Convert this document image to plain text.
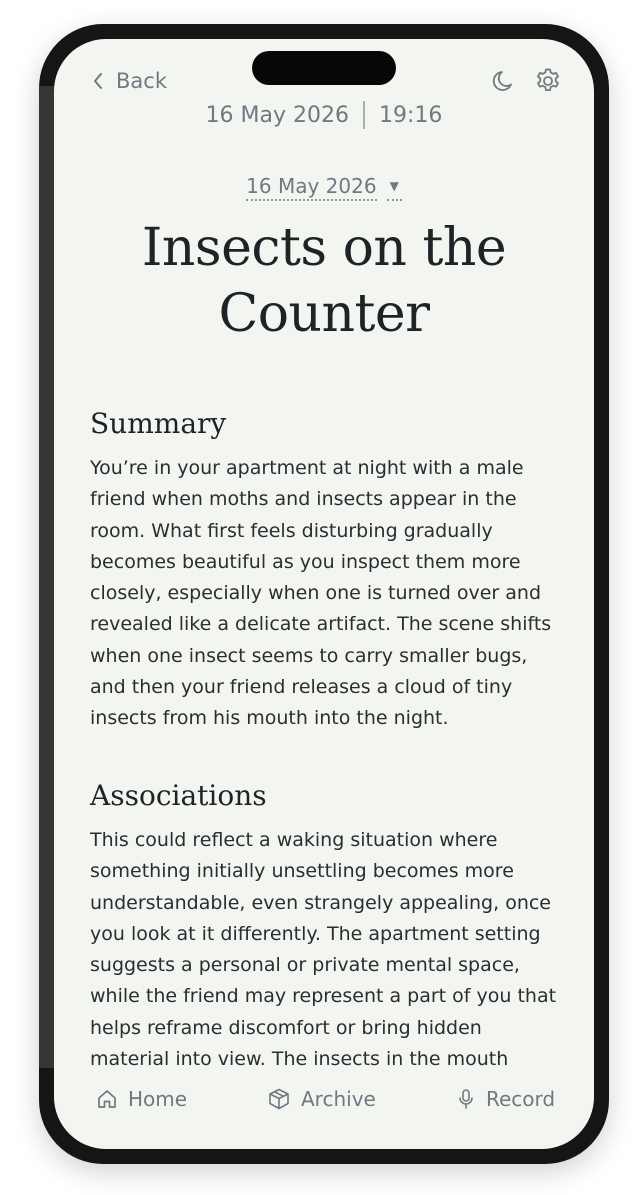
Back
16 May 2026 19:16
16 May 2026 ▼
Insects on the Counter
Summary
You’re in your apartment at night with a male friend when moths and insects appear in the room. What first feels disturbing gradually becomes beautiful as you inspect them more closely, especially when one is turned over and revealed like a delicate artifact. The scene shifts when one insect seems to carry smaller bugs, and then your friend releases a cloud of tiny insects from his mouth into the night.
Associations
This could reflect a waking situation where something initially unsettling becomes more understandable, even strangely appealing, once you look at it differently. The apartment setting suggests a personal or private mental space, while the friend may represent a part of you that helps reframe discomfort or bring hidden material into view. The insects in the mouth
Home	Archive	Record
